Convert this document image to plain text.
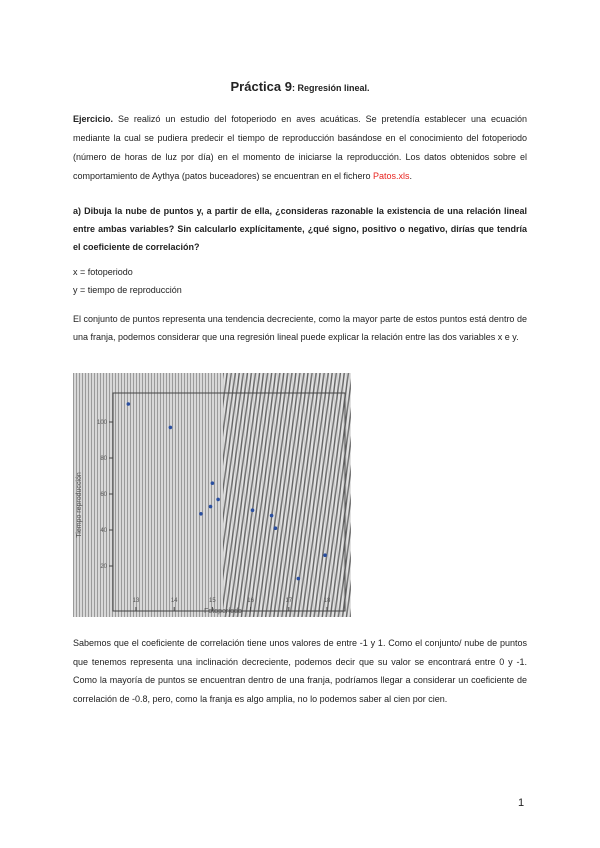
Práctica 9: Regresión lineal.
Ejercicio. Se realizó un estudio del fotoperiodo en aves acuáticas. Se pretendía establecer una ecuación mediante la cual se pudiera predecir el tiempo de reproducción basándose en el conocimiento del fotoperiodo (número de horas de luz por día) en el momento de iniciarse la reproducción. Los datos obtenidos sobre el comportamiento de Aythya (patos buceadores) se encuentran en el fichero Patos.xls.
a) Dibuja la nube de puntos y, a partir de ella, ¿consideras razonable la existencia de una relación lineal entre ambas variables? Sin calcularlo explícitamente, ¿qué signo, positivo o negativo, dirías que tendría el coeficiente de correlación?
x = fotoperiodo
y = tiempo de reproducción
El conjunto de puntos representa una tendencia decreciente, como la mayor parte de estos puntos está dentro de una franja, podemos considerar que una regresión lineal puede explicar la relación entre las dos variables x e y.
20
40
60
80
100
13	14	15	16	17	18
Fotoperíodo
Tiempo reproducción
Sabemos que el coeficiente de correlación tiene unos valores de entre -1 y 1. Como el conjunto/ nube de puntos que tenemos representa una inclinación decreciente, podemos decir que su valor se encontrará entre 0 y -1. Como la mayoría de puntos se encuentran dentro de una franja, podríamos llegar a considerar un coeficiente de correlación de -0.8, pero, como la franja es algo amplia, no lo podemos saber al cien por cien.
1
